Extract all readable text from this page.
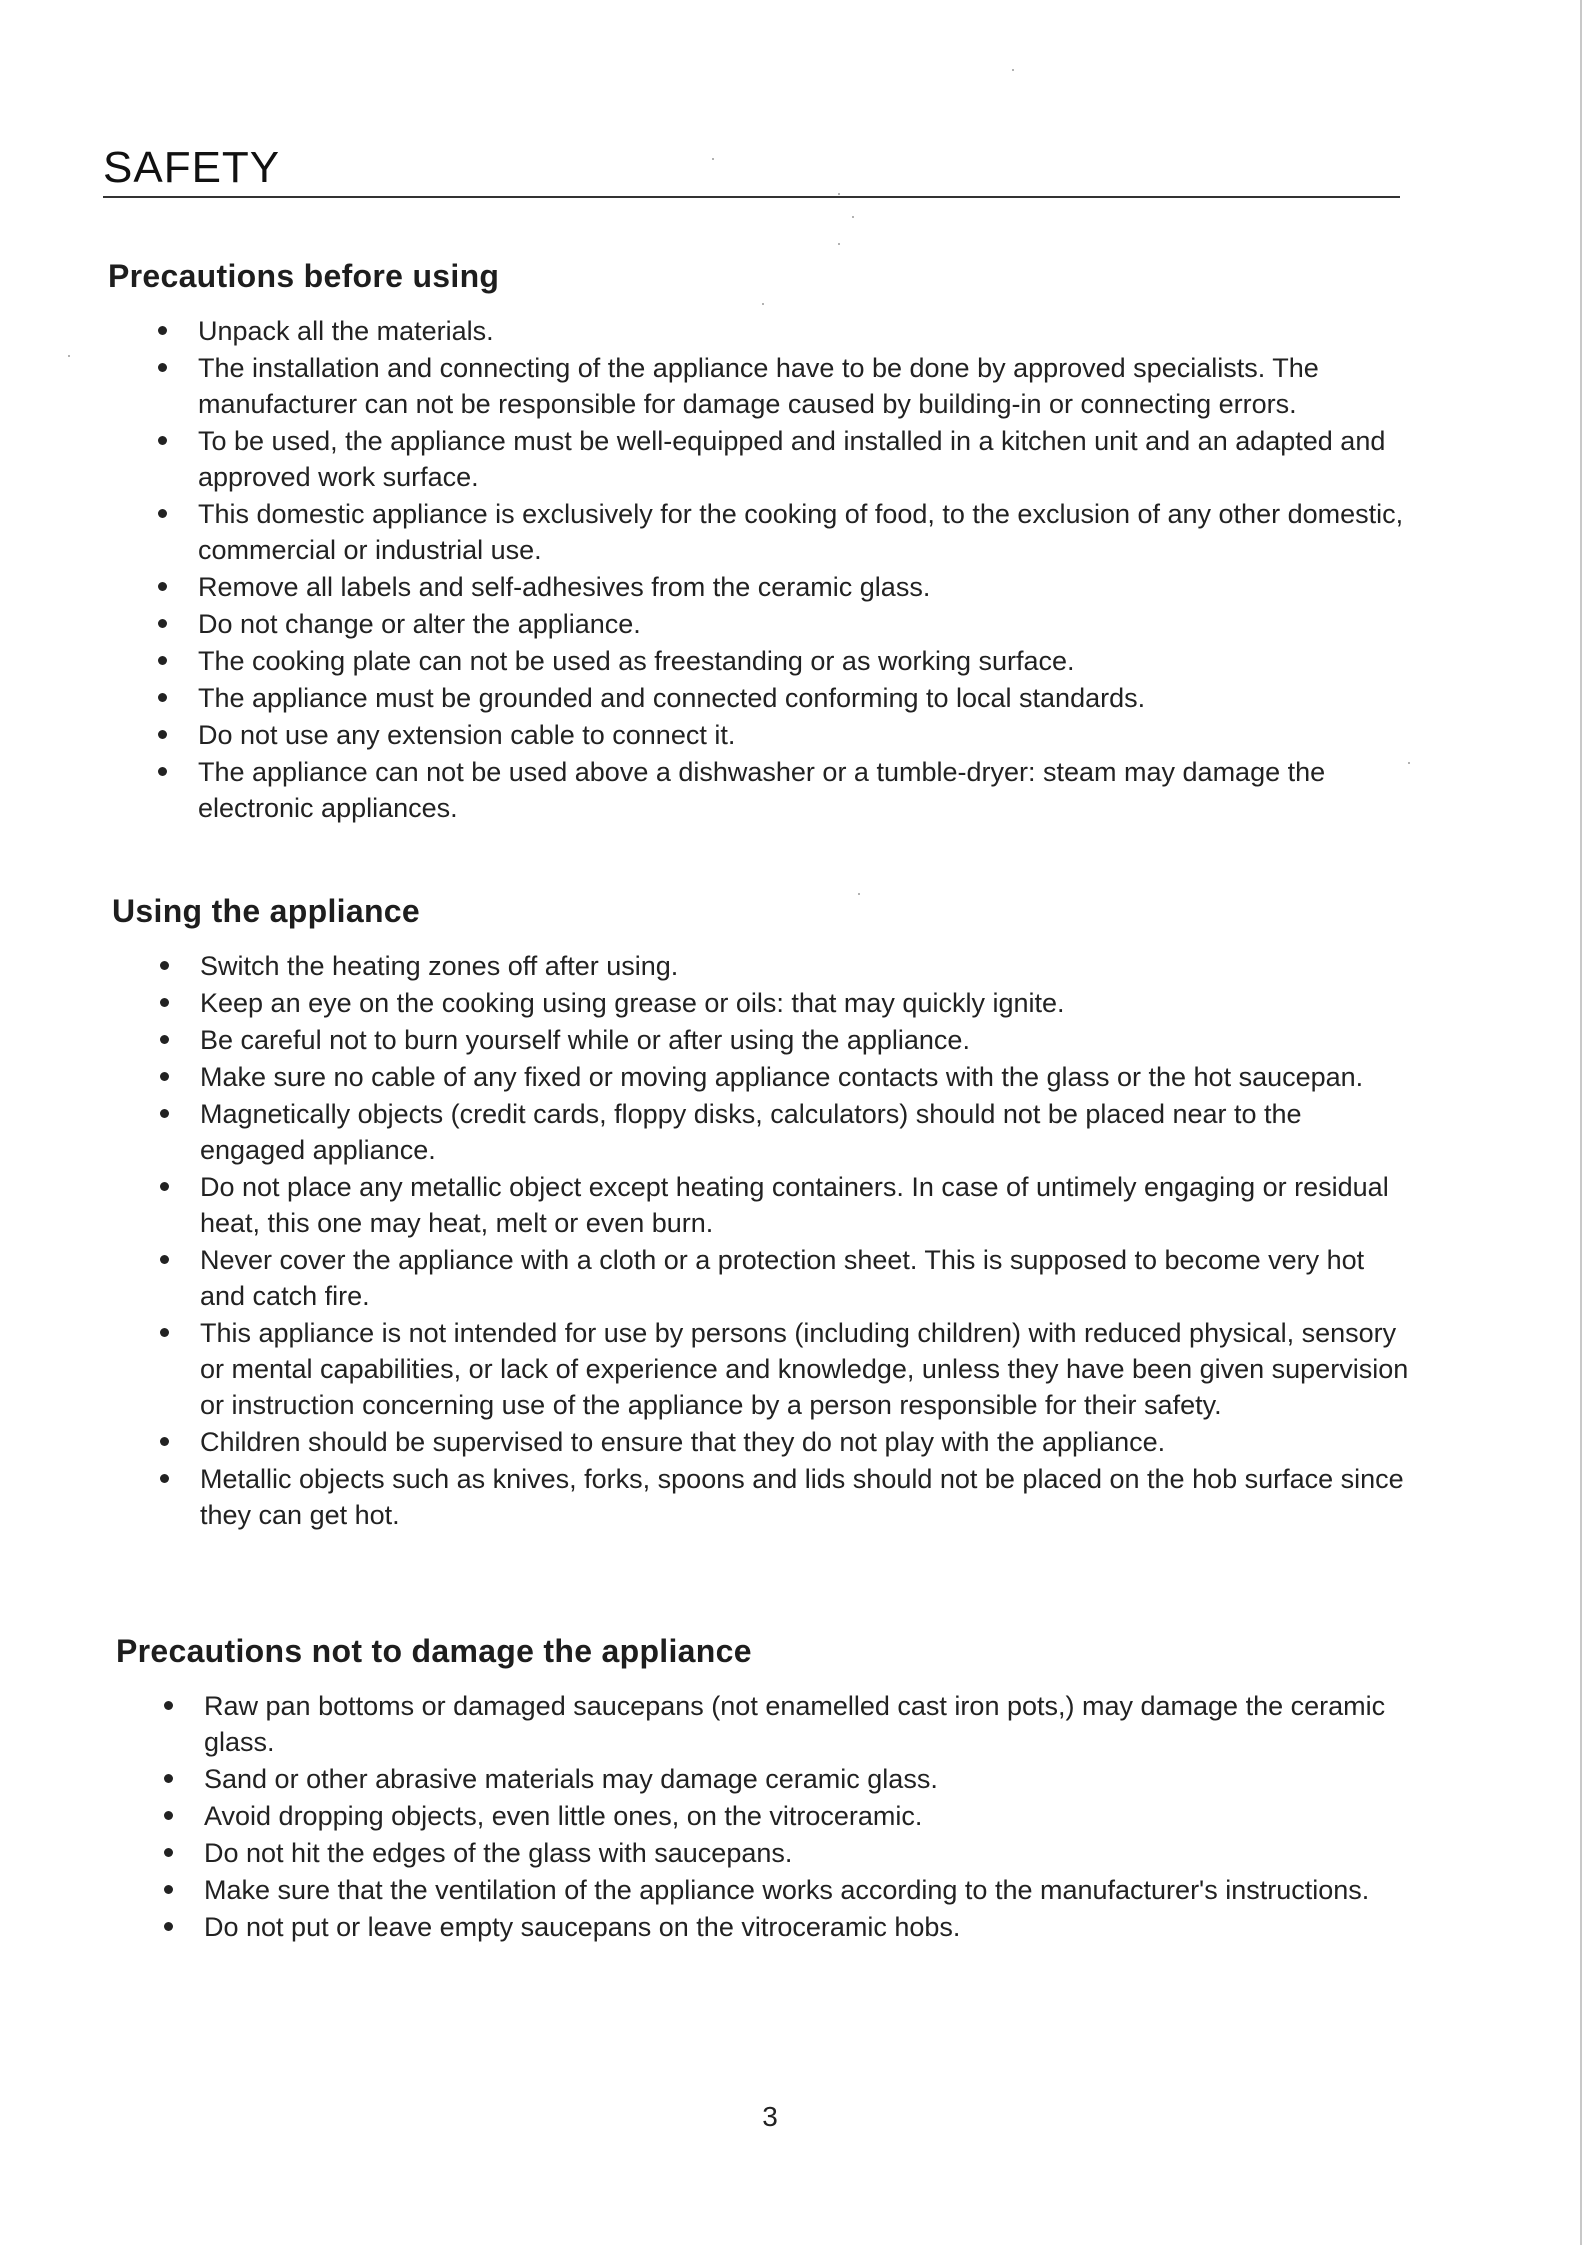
SAFETY
Precautions before using
Unpack all the materials.
The installation and connecting of the appliance have to be done by approved specialists. The manufacturer can not be responsible for damage caused by building-in or connecting errors.
To be used, the appliance must be well-equipped and installed in a kitchen unit and an adapted and approved work surface.
This domestic appliance is exclusively for the cooking of food, to the exclusion of any other domestic, commercial or industrial use.
Remove all labels and self-adhesives from the ceramic glass.
Do not change or alter the appliance.
The cooking plate can not be used as freestanding or as working surface.
The appliance must be grounded and connected conforming to local standards.
Do not use any extension cable to connect it.
The appliance can not be used above a dishwasher or a tumble-dryer: steam may damage the electronic appliances.
Using the appliance
Switch the heating zones off after using.
Keep an eye on the cooking using grease or oils: that may quickly ignite.
Be careful not to burn yourself while or after using the appliance.
Make sure no cable of any fixed or moving appliance contacts with the glass or the hot saucepan.
Magnetically objects (credit cards, floppy disks, calculators) should not be placed near to the engaged appliance.
Do not place any metallic object except heating containers. In case of untimely engaging or residual heat, this one may heat, melt or even burn.
Never cover the appliance with a cloth or a protection sheet. This is supposed to become very hot and catch fire.
This appliance is not intended for use by persons (including children) with reduced physical, sensory or mental capabilities, or lack of experience and knowledge, unless they have been given supervision or instruction concerning use of the appliance by a person responsible for their safety.
Children should be supervised to ensure that they do not play with the appliance.
Metallic objects such as knives, forks, spoons and lids should not be placed on the hob surface since they can get hot.
Precautions not to damage the appliance
Raw pan bottoms or damaged saucepans (not enamelled cast iron pots,) may damage the ceramic glass.
Sand or other abrasive materials may damage ceramic glass.
Avoid dropping objects, even little ones, on the vitroceramic.
Do not hit the edges of the glass with saucepans.
Make sure that the ventilation of the appliance works according to the manufacturer's instructions.
Do not put or leave empty saucepans on the vitroceramic hobs.
3
